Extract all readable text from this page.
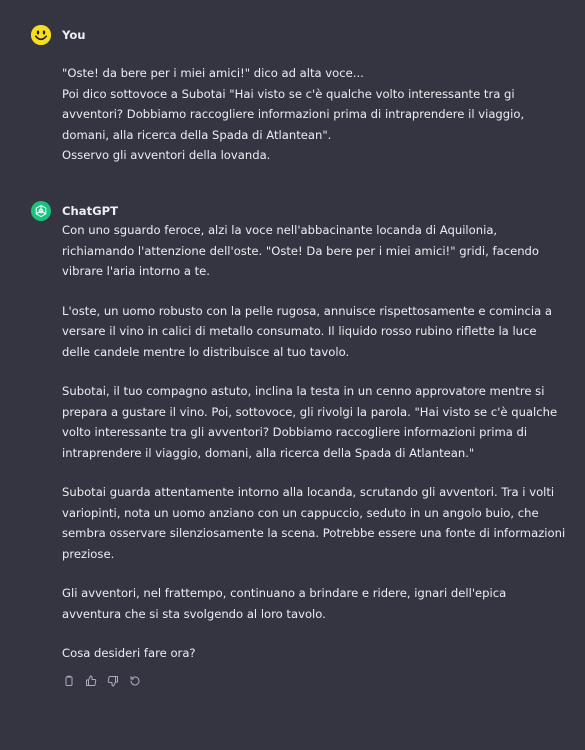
You
"Oste! da bere per i miei amici!" dico ad alta voce...
Poi dico sottovoce a Subotai "Hai visto se c'è qualche volto interessante tra gi
avventori? Dobbiamo raccogliere informazioni prima di intraprendere il viaggio,
domani, alla ricerca della Spada di Atlantean".
Osservo gli avventori della lovanda.
ChatGPT

Con uno sguardo feroce, alzi la voce nell'abbacinante locanda di Aquilonia, richiamando l'attenzione dell'oste. "Oste! Da bere per i miei amici!" gridi, facendo vibrare l'aria intorno a te.

L'oste, un uomo robusto con la pelle rugosa, annuisce rispettosamente e comincia a versare il vino in calici di metallo consumato. Il liquido rosso rubino riflette la luce delle candele mentre lo distribuisce al tuo tavolo.

Subotai, il tuo compagno astuto, inclina la testa in un cenno approvatore mentre si prepara a gustare il vino. Poi, sottovoce, gli rivolgi la parola. "Hai visto se c'è qualche volto interessante tra gli avventori? Dobbiamo raccogliere informazioni prima di intraprendere il viaggio, domani, alla ricerca della Spada di Atlantean."

Subotai guarda attentamente intorno alla locanda, scrutando gli avventori. Tra i volti variopinti, nota un uomo anziano con un cappuccio, seduto in un angolo buio, che sembra osservare silenziosamente la scena. Potrebbe essere una fonte di informazioni preziose.

Gli avventori, nel frattempo, continuano a brindare e ridere, ignari dell'epica avventura che si sta svolgendo al loro tavolo.

Cosa desideri fare ora?
